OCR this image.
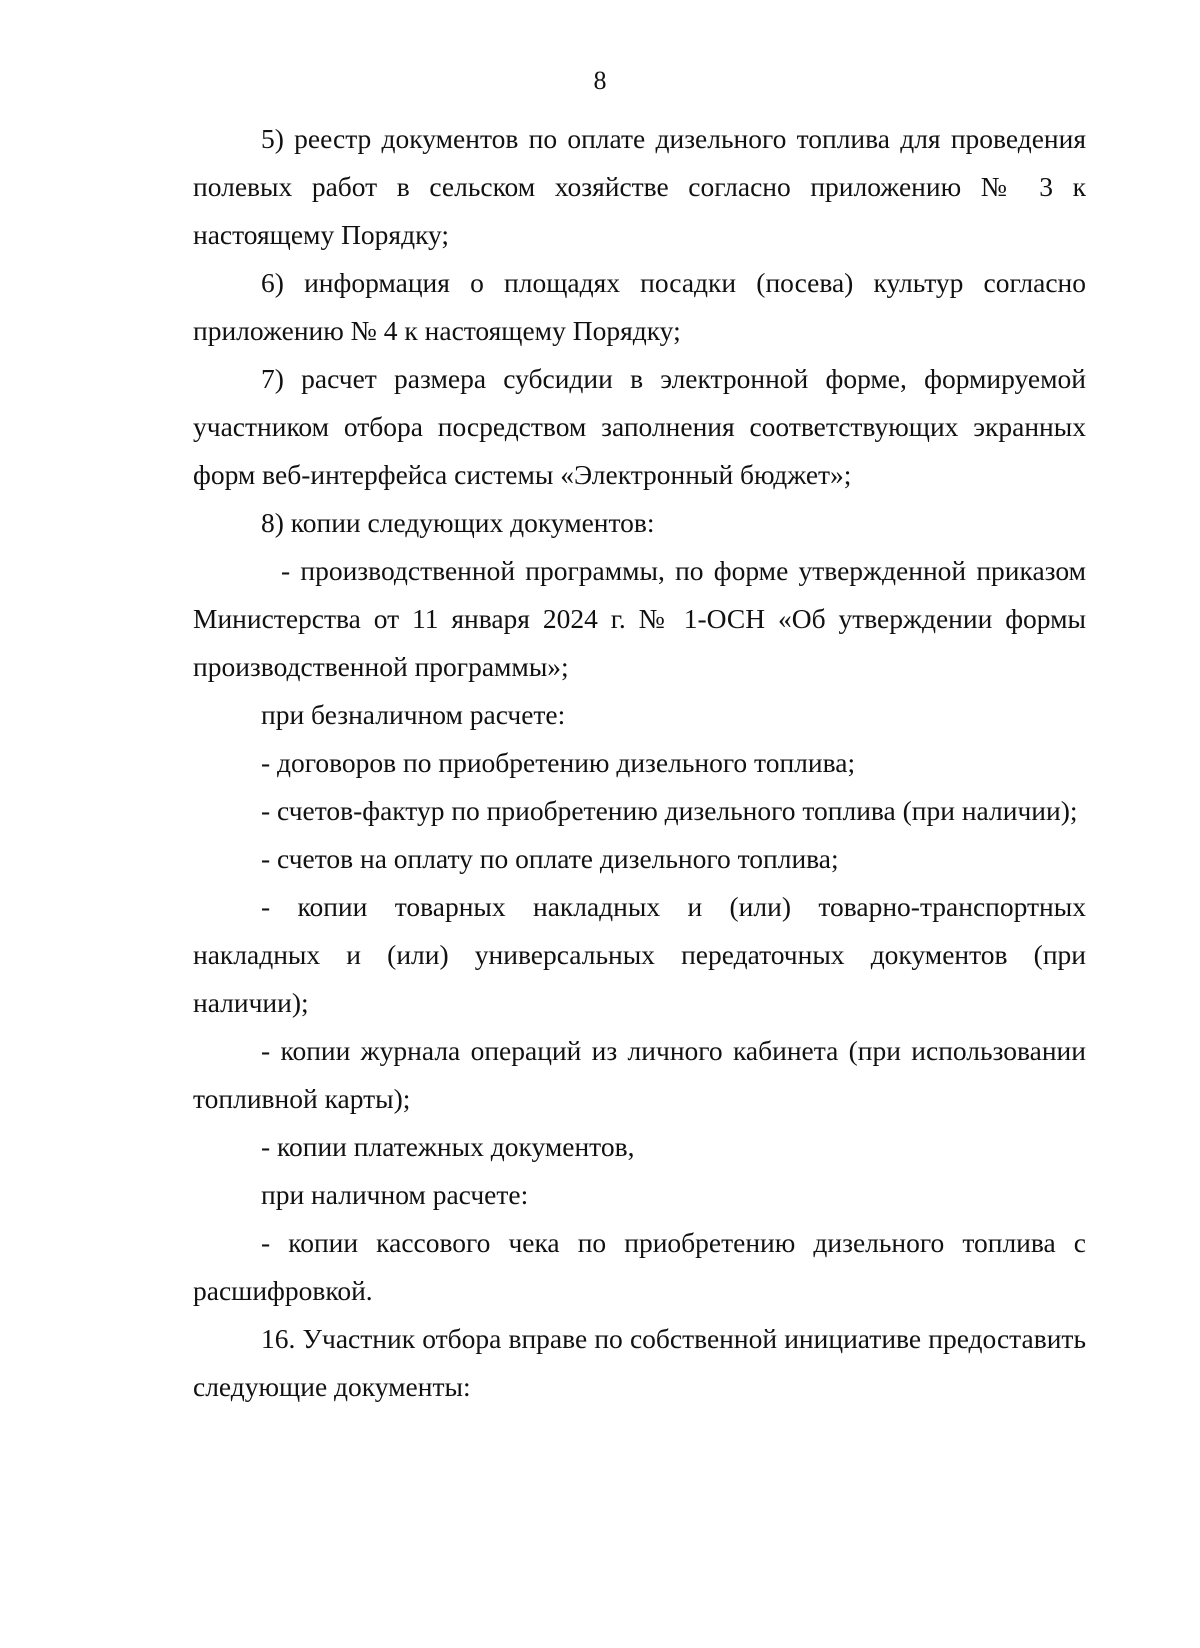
8

5) реестр документов по оплате дизельного топлива для проведения полевых работ в сельском хозяйстве согласно приложению № 3 к настоящему Порядку;

6) информация о площадях посадки (посева) культур согласно приложению № 4 к настоящему Порядку;

7) расчет размера субсидии в электронной форме, формируемой участником отбора посредством заполнения соответствующих экранных форм веб-интерфейса системы «Электронный бюджет»;

8) копии следующих документов:

- производственной программы, по форме утвержденной приказом Министерства от 11 января 2024 г. № 1-ОСН «Об утверждении формы производственной программы»;

при безналичном расчете:

- договоров по приобретению дизельного топлива;

- счетов-фактур по приобретению дизельного топлива (при наличии);

- счетов на оплату по оплате дизельного топлива;

- копии товарных накладных и (или) товарно-транспортных накладных и (или) универсальных передаточных документов (при наличии);

- копии журнала операций из личного кабинета (при использовании топливной карты);

- копии платежных документов,

при наличном расчете:

- копии кассового чека по приобретению дизельного топлива с расшифровкой.

16. Участник отбора вправе по собственной инициативе предоставить следующие документы:
